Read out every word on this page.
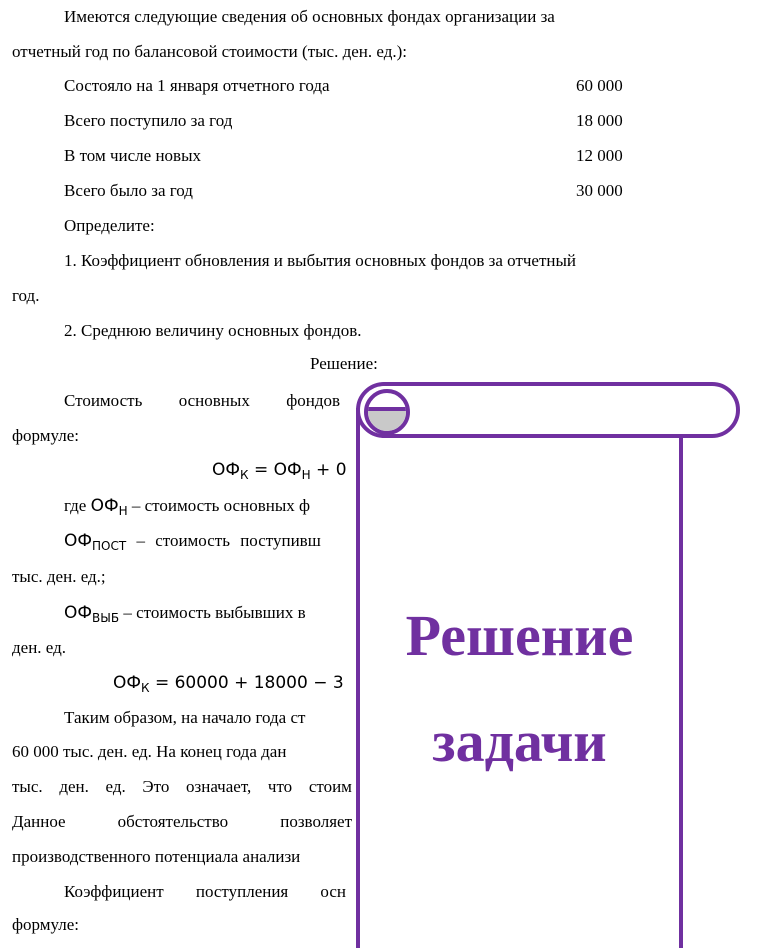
Имеются следующие сведения об основных фондах организации за
отчетный год по балансовой стоимости (тыс. ден. ед.):
Состояло на 1 января отчетного года	60 000
Всего поступило за год	18 000
В том числе новых	12 000
Всего было за год	30 000
Определите:
1. Коэффициент обновления и выбытия основных фондов за отчетный
год.
2. Среднюю величину основных фондов.
Решение:
Стоимость основных фондов
формуле:
$ОФ_К = ОФ_Н + 0$
где $ОФ_Н$ – стоимость основных ф
$ОФ_{ПОСТ}$ – стоимость поступивш
тыс. ден. ед.;
$ОФ_{ВЫБ}$ – стоимость выбывших в
ден. ед.
$ОФ_К = 60000 + 18000 - 3$
Таким образом, на начало года ст
60 000 тыс. ден. ед. На конец года дан
тыс. ден. ед. Это означает, что стоим
Данное	обстоятельство	позволяет
производственного потенциала анализи
Коэффициент поступления осн
формуле:
Решение
задачи
